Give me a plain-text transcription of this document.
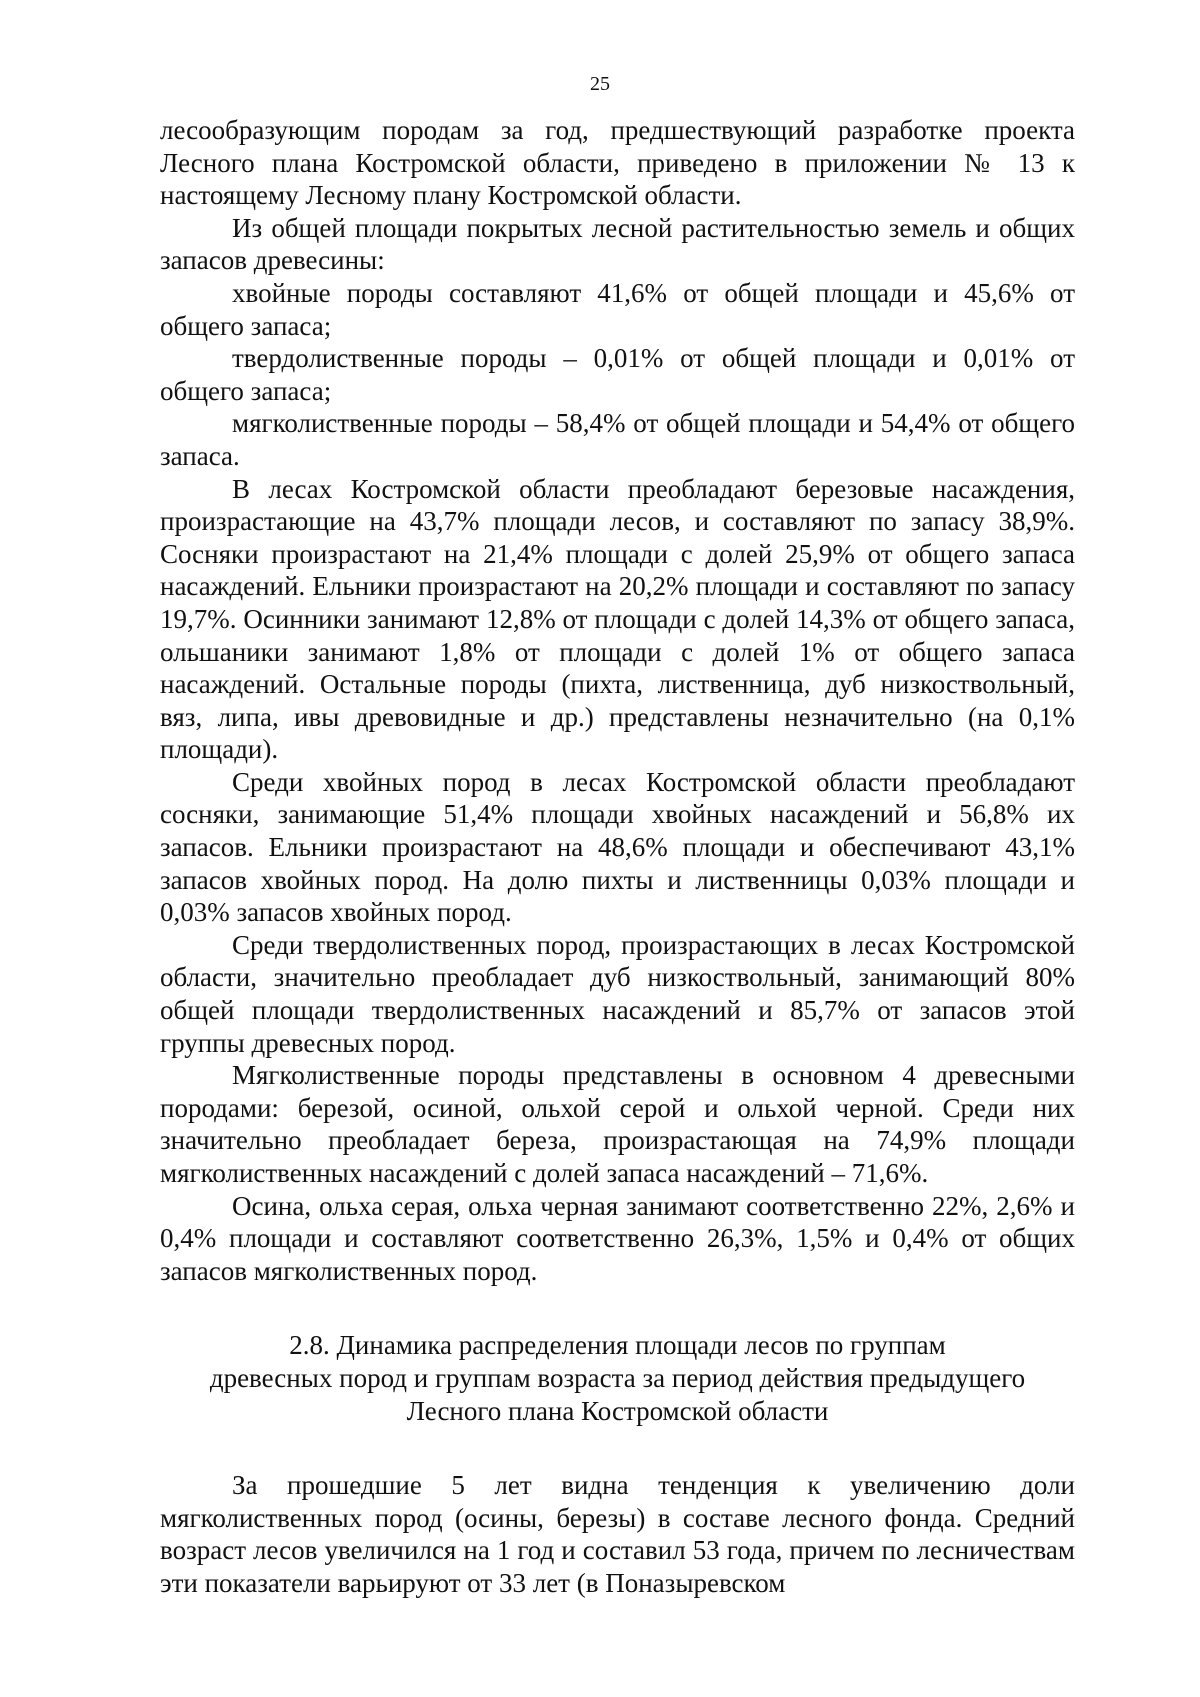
25

лесообразующим породам за год, предшествующий разработке проекта Лесного плана Костромской области, приведено в приложении № 13 к настоящему Лесному плану Костромской области.

Из общей площади покрытых лесной растительностью земель и общих запасов древесины:

хвойные породы составляют 41,6% от общей площади и 45,6% от общего запаса;

твердолиственные породы – 0,01% от общей площади и 0,01% от общего запаса;

мягколиственные породы – 58,4% от общей площади и 54,4% от общего запаса.

В лесах Костромской области преобладают березовые насаждения, произрастающие на 43,7% площади лесов, и составляют по запасу 38,9%. Сосняки произрастают на 21,4% площади с долей 25,9% от общего запаса насаждений. Ельники произрастают на 20,2% площади и составляют по запасу 19,7%. Осинники занимают 12,8% от площади с долей 14,3% от общего запаса, ольшаники занимают 1,8% от площади с долей 1% от общего запаса насаждений. Остальные породы (пихта, лиственница, дуб низкоствольный, вяз, липа, ивы древовидные и др.) представлены незначительно (на 0,1% площади).

Среди хвойных пород в лесах Костромской области преобладают сосняки, занимающие 51,4% площади хвойных насаждений и 56,8% их запасов. Ельники произрастают на 48,6% площади и обеспечивают 43,1% запасов хвойных пород. На долю пихты и лиственницы 0,03% площади и 0,03% запасов хвойных пород.

Среди твердолиственных пород, произрастающих в лесах Костромской области, значительно преобладает дуб низкоствольный, занимающий 80% общей площади твердолиственных насаждений и 85,7% от запасов этой группы древесных пород.

Мягколиственные породы представлены в основном 4 древесными породами: березой, осиной, ольхой серой и ольхой черной. Среди них значительно преобладает береза, произрастающая на 74,9% площади мягколиственных насаждений с долей запаса насаждений – 71,6%.

Осина, ольха серая, ольха черная занимают соответственно 22%, 2,6% и 0,4% площади и составляют соответственно 26,3%, 1,5% и 0,4% от общих запасов мягколиственных пород.

2.8. Динамика распределения площади лесов по группам
древесных пород и группам возраста за период действия предыдущего
Лесного плана Костромской области

За прошедшие 5 лет видна тенденция к увеличению доли мягколиственных пород (осины, березы) в составе лесного фонда. Средний возраст лесов увеличился на 1 год и составил 53 года, причем по лесничествам эти показатели варьируют от 33 лет (в Поназыревском
